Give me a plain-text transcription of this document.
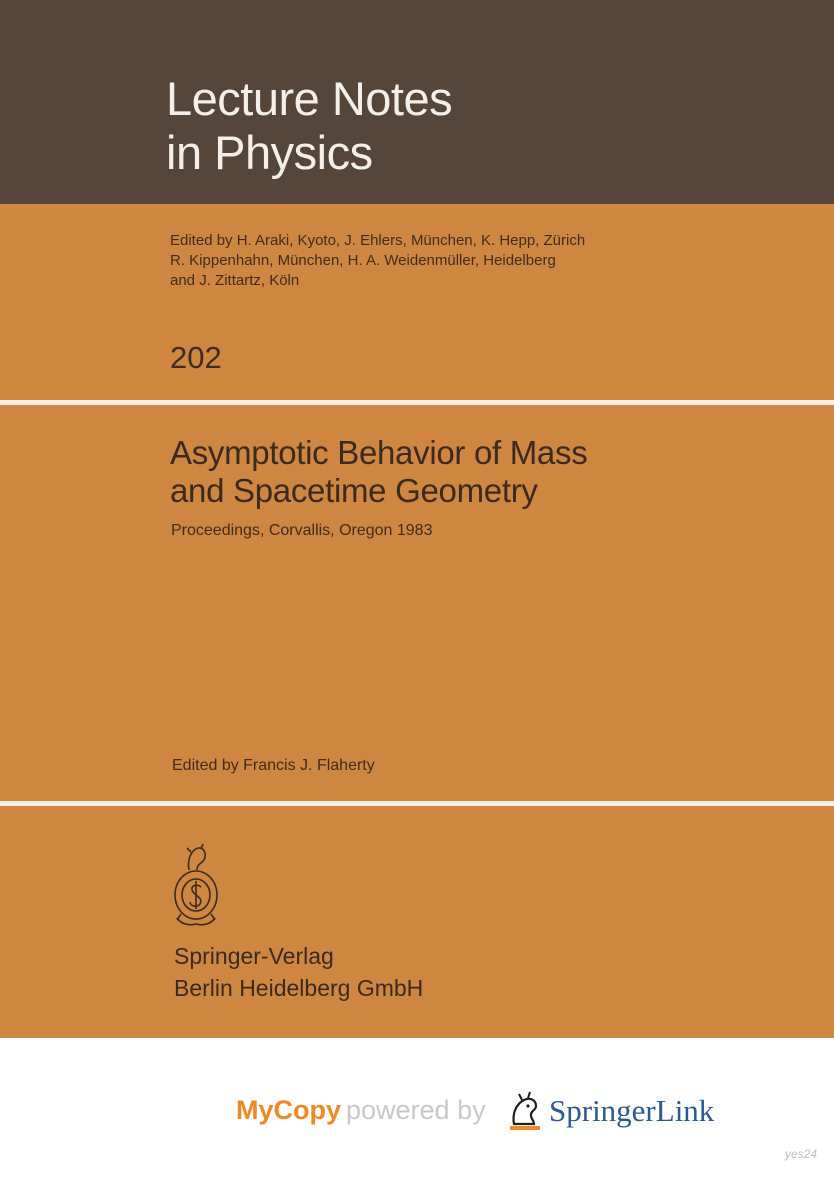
Lecture Notes
in Physics
Edited by H. Araki, Kyoto, J. Ehlers, München, K. Hepp, Zürich
R. Kippenhahn, München, H. A. Weidenmüller, Heidelberg
and J. Zittartz, Köln
202
Asymptotic Behavior of Mass
and Spacetime Geometry
Proceedings, Corvallis, Oregon 1983
Edited by Francis J. Flaherty
Springer-Verlag
Berlin Heidelberg GmbH
MyCopy powered by SpringerLink
yes24
